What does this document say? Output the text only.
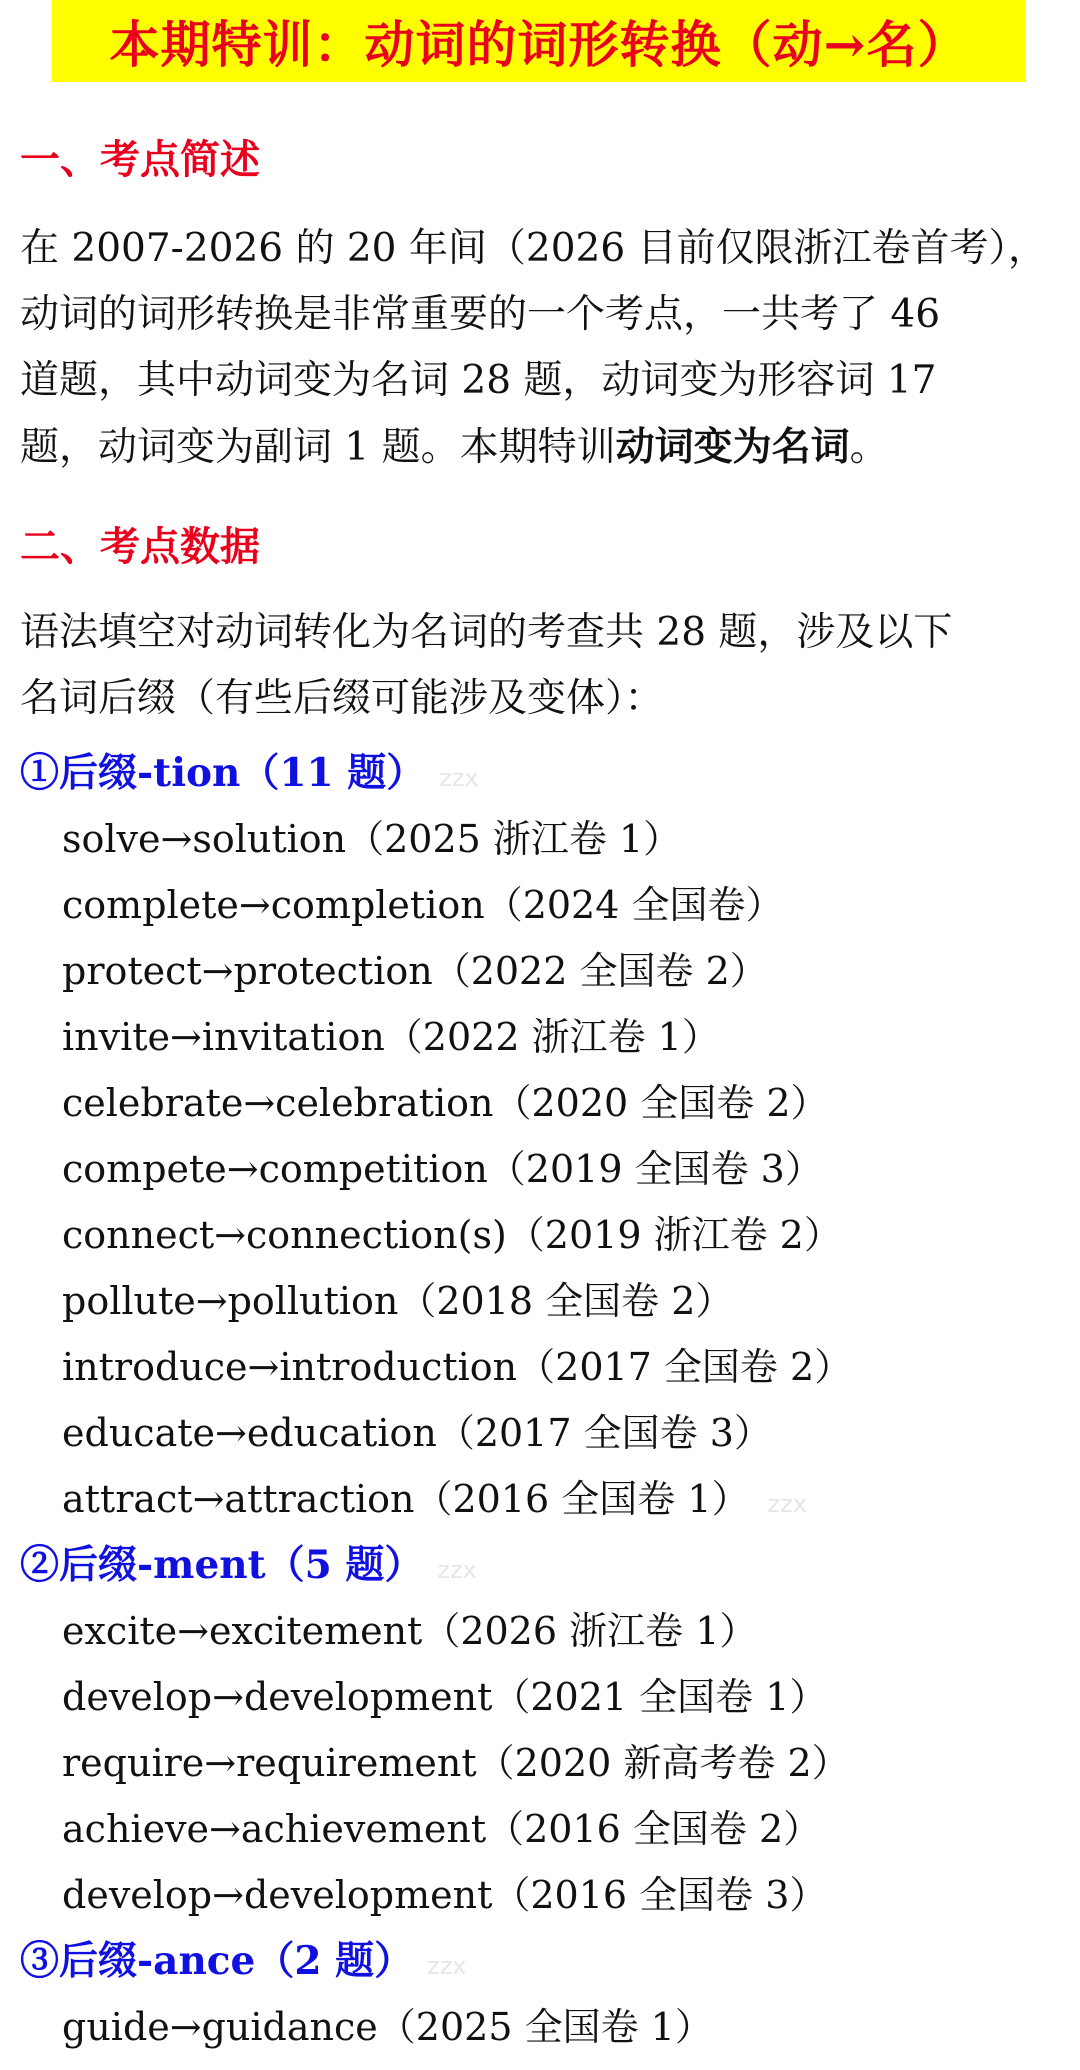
本期特训：动词的词形转换（动→名）
一、考点简述
在 2007-2026 的 20 年间（2026 目前仅限浙江卷首考），
动词的词形转换是非常重要的一个考点，一共考了 46
道题，其中动词变为名词 28 题，动词变为形容词 17
题，动词变为副词 1 题。本期特训动词变为名词。
二、考点数据
语法填空对动词转化为名词的考查共 28 题，涉及以下
名词后缀（有些后缀可能涉及变体）：
①后缀-tion（11 题） zzx
solve→solution（2025 浙江卷 1）
complete→completion（2024 全国卷）
protect→protection（2022 全国卷 2）
invite→invitation（2022 浙江卷 1）
celebrate→celebration（2020 全国卷 2）
compete→competition（2019 全国卷 3）
connect→connection(s)（2019 浙江卷 2）
pollute→pollution（2018 全国卷 2）
introduce→introduction（2017 全国卷 2）
educate→education（2017 全国卷 3）
attract→attraction（2016 全国卷 1） zzx
②后缀-ment（5 题） zzx
excite→excitement（2026 浙江卷 1）
develop→development（2021 全国卷 1）
require→requirement（2020 新高考卷 2）
achieve→achievement（2016 全国卷 2）
develop→development（2016 全国卷 3）
③后缀-ance（2 题） zzx
guide→guidance（2025 全国卷 1）
